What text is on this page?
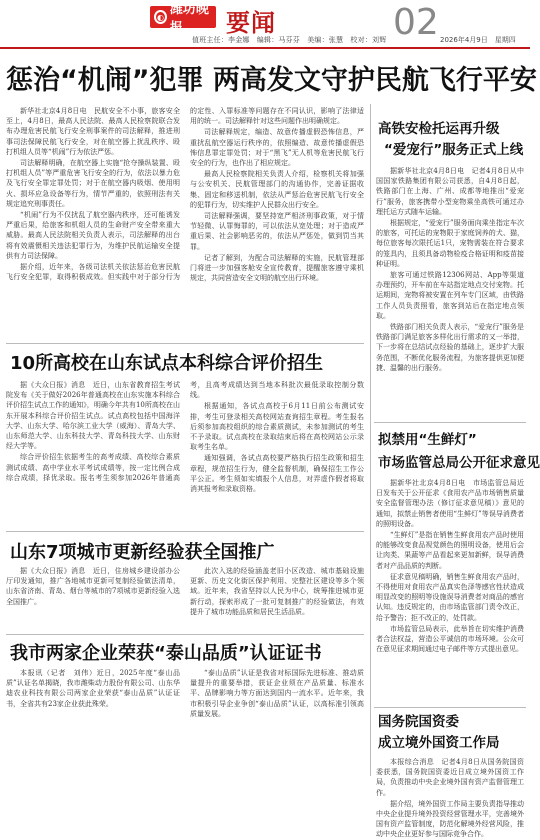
◐ 潍坊晚报	要闻	02
值班主任：李金娜　编辑：马芬芬　美编：张慧　校对：刘辉	2026年4月9日　星期四
惩治“机闹”犯罪 两高发文守护民航飞行平安

新华社北京4月8日电　民航安全不小事，旅客安全至上，4月8日，最高人民法院、最高人民检察院联合发布办理危害民航飞行安全刑事案件的司法解释，推进刑事司法保障民航飞行安全，对在航空器上扰乱秩序、殴打机组人员等“机闹”行为依法严惩。

司法解释明确，在航空器上实施“抢夺操纵装置、殴打机组人员”等严重危害飞行安全的行为，依法以暴力危及飞行安全罪定罪处罚；对于在航空器内吸烟、使用明火、损坏应急设备等行为，情节严重的，依照刑法有关规定追究刑事责任。

“机闹”行为不仅扰乱了航空器内秩序，还可能诱发严重后果，给旅客和机组人员的生命财产安全带来重大威胁。最高人民法院相关负责人表示，司法解释的出台将有效震慑相关违法犯罪行为，为维护民航运输安全提供有力司法保障。

据介绍，近年来，各级司法机关依法惩治危害民航飞行安全犯罪，取得积极成效。但实践中对于部分行为的定性、入罪标准等问题存在不同认识，影响了法律适用的统一。司法解释针对这些问题作出明确规定。

司法解释规定，编造、故意传播虚假恐怖信息，严重扰乱航空器运行秩序的，依照编造、故意传播虚假恐怖信息罪定罪处罚；对于“黑飞”无人机等危害民航飞行安全的行为，也作出了相应规定。

最高人民检察院相关负责人介绍，检察机关将加强与公安机关、民航管理部门的沟通协作，完善证据收集、固定和移送机制，依法从严惩治危害民航飞行安全的犯罪行为，切实维护人民群众出行安全。

司法解释强调，要坚持宽严相济刑事政策，对于情节轻微、认罪悔罪的，可以依法从宽处理；对于造成严重后果、社会影响恶劣的，依法从严惩处，做到罚当其罪。

记者了解到，为配合司法解释的实施，民航管理部门将进一步加强客舱安全宣传教育，提醒旅客遵守乘机规定，共同营造安全文明的航空出行环境。

10所高校在山东试点本科综合评价招生

据《大众日报》消息　近日，山东省教育招生考试院发布《关于做好2026年普通高校在山东实施本科综合评价招生试点工作的通知》，明确今年共有10所高校在山东开展本科综合评价招生试点。试点高校包括中国海洋大学、山东大学、哈尔滨工业大学（威海）、青岛大学、山东师范大学、山东科技大学、青岛科技大学、山东财经大学等。

综合评价招生依据考生的高考成绩、高校综合素质测试成绩、高中学业水平考试成绩等，按一定比例合成综合成绩，择优录取。报名考生须参加2026年普通高考，且高考成绩达到当地本科批次最低录取控制分数线。

根据通知，各试点高校于6月11日前公布测试安排，考生可登录相关高校网站查询招生章程。考生报名后须参加高校组织的综合素质测试，未参加测试的考生不予录取。试点高校在录取结束后将在高校网站公示录取考生名单。

通知强调，各试点高校要严格执行招生政策和招生章程，规范招生行为，健全监督机制，确保招生工作公平公正。考生须如实填报个人信息，对弄虚作假者将取消其报考和录取资格。

山东7项城市更新经验获全国推广

据《大众日报》消息　近日，住房城乡建设部办公厅印发通知，推广各地城市更新可复制经验做法清单，山东省济南、青岛、烟台等城市的7项城市更新经验入选全国推广。

此次入选的经验涵盖老旧小区改造、城市基础设施更新、历史文化街区保护利用、完整社区建设等多个领域。近年来，我省坚持以人民为中心，统筹推进城市更新行动，探索形成了一批可复制推广的经验做法，有效提升了城市功能品质和居民生活品质。

我市两家企业荣获“泰山品质”认证证书

本报讯（记者　刘伟）近日，2025年度“泰山品质”认证名单揭晓，我市潍柴动力股份有限公司、山东华迪农业科技有限公司两家企业荣获“泰山品质”认证证书，全省共有23家企业获此殊荣。

“泰山品质”认证是我省对标国际先进标准、推动质量提升的重要举措，获证企业须在产品质量、标准水平、品牌影响力等方面达到国内一流水平。近年来，我市积极引导企业争创“泰山品质”认证，以高标准引领高质量发展。

高铁安检托运再升级
“爱宠行”服务正式上线

据新华社北京4月8日电　记者4月8日从中国国家铁路集团有限公司获悉，自4月8日起，铁路部门在上海、广州、成都等地推出“爱宠行”服务，旅客携带小型宠物乘坐高铁可通过办理托运方式随车运输。

根据规定，“爱宠行”服务面向乘坐指定车次的旅客，可托运的宠物限于家庭饲养的犬、猫，每位旅客每次限托运1只，宠物需装在符合要求的笼具内，且须具备动物检疫合格证明和疫苗接种证明。

旅客可通过铁路12306网站、App等渠道办理预约，开车前在车站指定地点交付宠物。托运期间，宠物将被安置在列车专门区域，由铁路工作人员负责照看，旅客到站后在指定地点领取。

铁路部门相关负责人表示，“爱宠行”服务是铁路部门满足旅客多样化出行需求的又一举措，下一步将在总结试点经验的基础上，逐步扩大服务范围，不断优化服务流程，为旅客提供更加便捷、温馨的出行服务。

拟禁用“生鲜灯”
市场监管总局公开征求意见

据新华社北京4月8日电　市场监管总局近日发布关于公开征求《食用农产品市场销售质量安全监督管理办法（修订征求意见稿）》意见的通知，拟禁止销售者使用“生鲜灯”等误导消费者的照明设备。

“生鲜灯”是指在销售生鲜食用农产品时使用的能够改变食品视觉颜色的照明设备，使用后会让肉类、果蔬等产品看起来更加新鲜，误导消费者对产品品质的判断。

征求意见稿明确，销售生鲜食用农产品时，不得使用对食用农产品真实色泽等感官性状造成明显改变的照明等设施误导消费者对商品的感官认知。违反规定的，由市场监管部门责令改正，给予警告；拒不改正的，处罚款。

市场监管总局表示，此举旨在切实维护消费者合法权益，营造公平诚信的市场环境。公众可在意见征求期间通过电子邮件等方式提出意见。

国务院国资委
成立境外国资工作局

本报综合消息　记者4月8日从国务院国资委获悉，国务院国资委近日成立境外国资工作局，负责推动中央企业境外国有资产监督管理工作。

据介绍，境外国资工作局主要负责指导推动中央企业提升境外投资经营管理水平，完善境外国有资产监管制度，防范化解境外经营风险，推动中央企业更好参与国际竞争合作。
